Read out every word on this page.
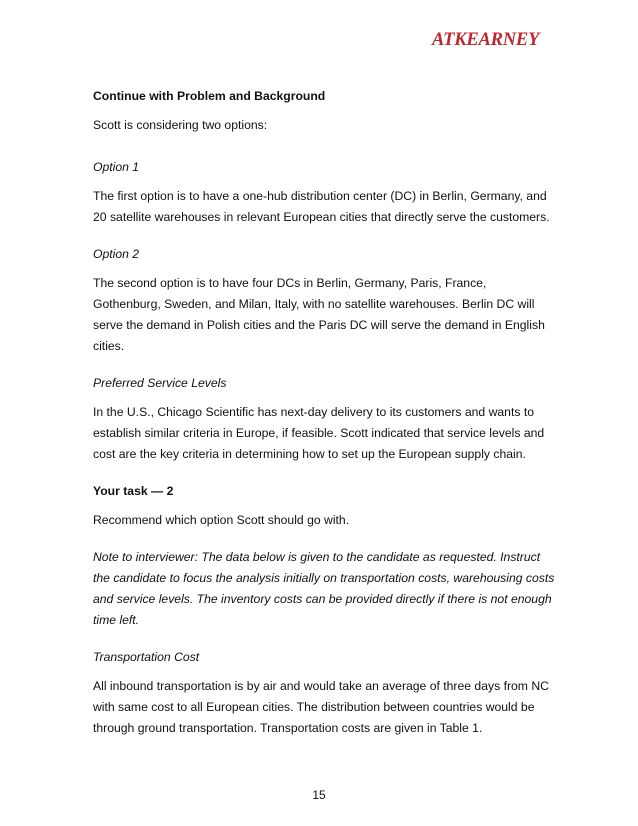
ATKEARNEY

Continue with Problem and Background

Scott is considering two options:

Option 1

The first option is to have a one-hub distribution center (DC) in Berlin, Germany, and 20 satellite warehouses in relevant European cities that directly serve the customers.

Option 2

The second option is to have four DCs in Berlin, Germany, Paris, France, Gothenburg, Sweden, and Milan, Italy, with no satellite warehouses. Berlin DC will serve the demand in Polish cities and the Paris DC will serve the demand in English cities.

Preferred Service Levels

In the U.S., Chicago Scientific has next-day delivery to its customers and wants to establish similar criteria in Europe, if feasible. Scott indicated that service levels and cost are the key criteria in determining how to set up the European supply chain.

Your task — 2

Recommend which option Scott should go with.

Note to interviewer: The data below is given to the candidate as requested. Instruct the candidate to focus the analysis initially on transportation costs, warehousing costs and service levels. The inventory costs can be provided directly if there is not enough time left.

Transportation Cost

All inbound transportation is by air and would take an average of three days from NC with same cost to all European cities. The distribution between countries would be through ground transportation. Transportation costs are given in Table 1.

15
